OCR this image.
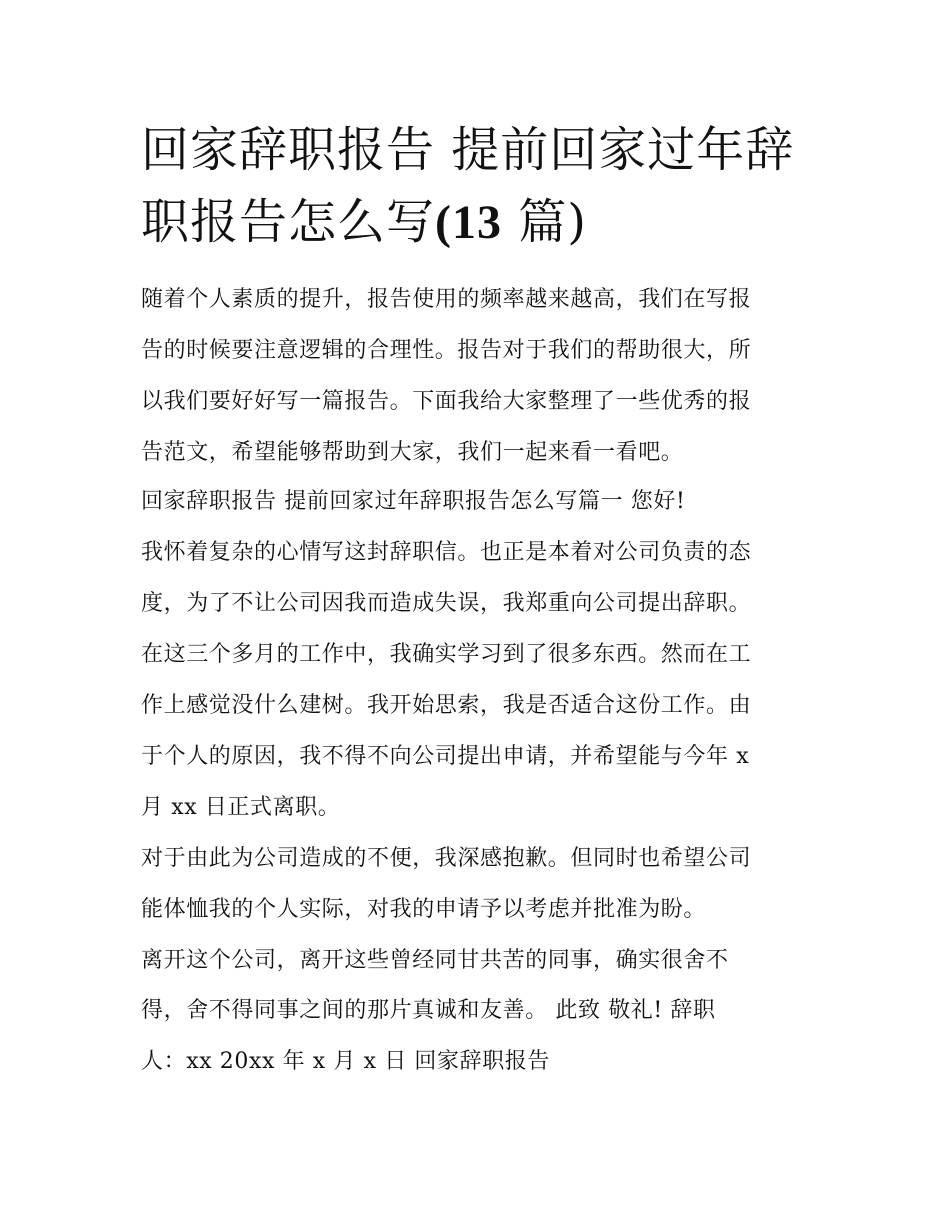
回家辞职报告 提前回家过年辞
职报告怎么写(13 篇)

随着个人素质的提升，报告使用的频率越来越高，我们在写报

告的时候要注意逻辑的合理性。报告对于我们的帮助很大，所

以我们要好好写一篇报告。下面我给大家整理了一些优秀的报

告范文，希望能够帮助到大家，我们一起来看一看吧。

回家辞职报告 提前回家过年辞职报告怎么写篇一 您好!

我怀着复杂的心情写这封辞职信。也正是本着对公司负责的态

度，为了不让公司因我而造成失误，我郑重向公司提出辞职。

在这三个多月的工作中，我确实学习到了很多东西。然而在工

作上感觉没什么建树。我开始思索，我是否适合这份工作。由

于个人的原因，我不得不向公司提出申请，并希望能与今年 x

月 xx 日正式离职。

对于由此为公司造成的不便，我深感抱歉。但同时也希望公司

能体恤我的个人实际，对我的申请予以考虑并批准为盼。

离开这个公司，离开这些曾经同甘共苦的同事，确实很舍不

得，舍不得同事之间的那片真诚和友善。 此致 敬礼! 辞职

人：xx 20xx 年 x 月 x 日 回家辞职报告
